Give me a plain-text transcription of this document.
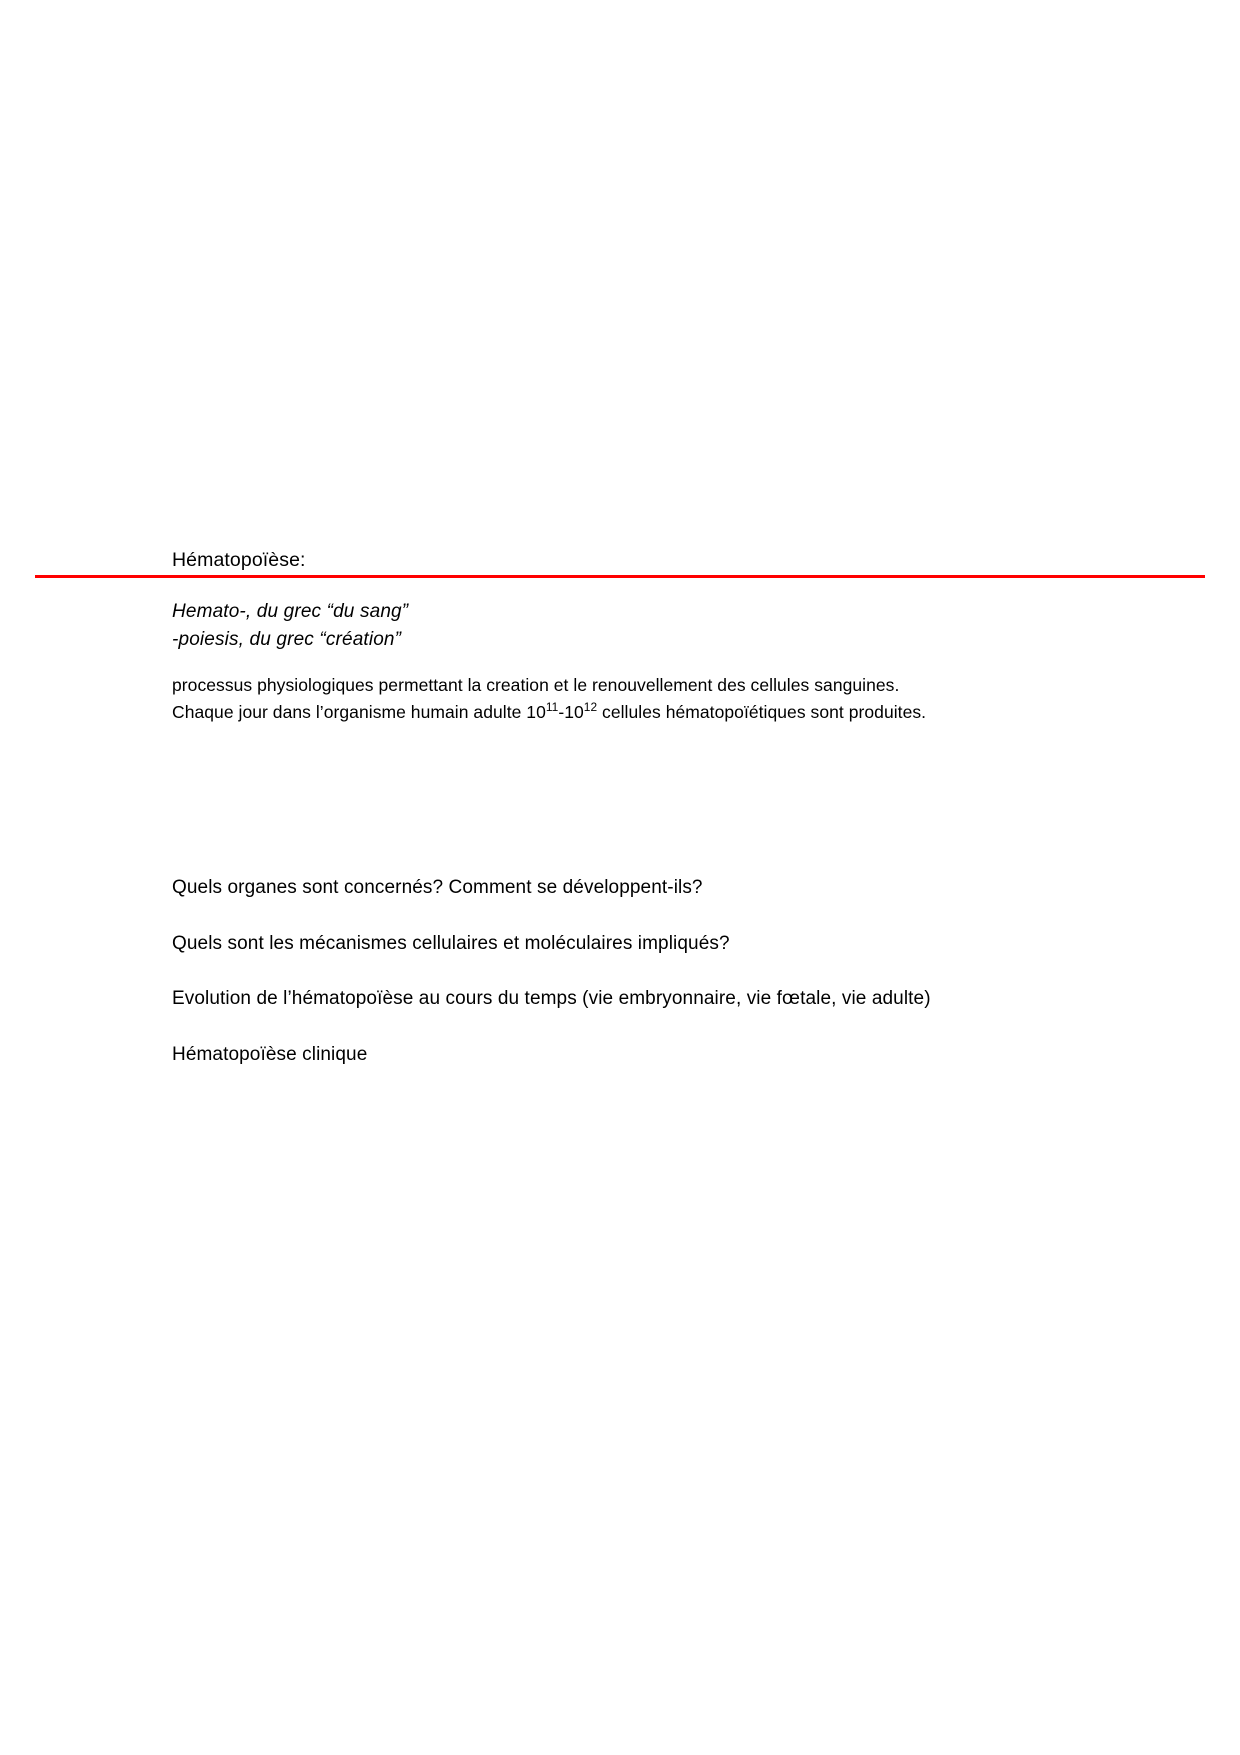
Hématopoïèse:

Hemato-, du grec “du sang”

-poiesis, du grec “création”

processus physiologiques permettant la creation et le renouvellement des cellules sanguines.

Chaque jour dans l’organisme humain adulte $10^{11}-10^{12}$ cellules hématopoïétiques sont produites.

Quels organes sont concernés? Comment se développent-ils?

Quels sont les mécanismes cellulaires et moléculaires impliqués?

Evolution de l’hématopoïèse au cours du temps (vie embryonnaire, vie fœtale, vie adulte)

Hématopoïèse clinique
